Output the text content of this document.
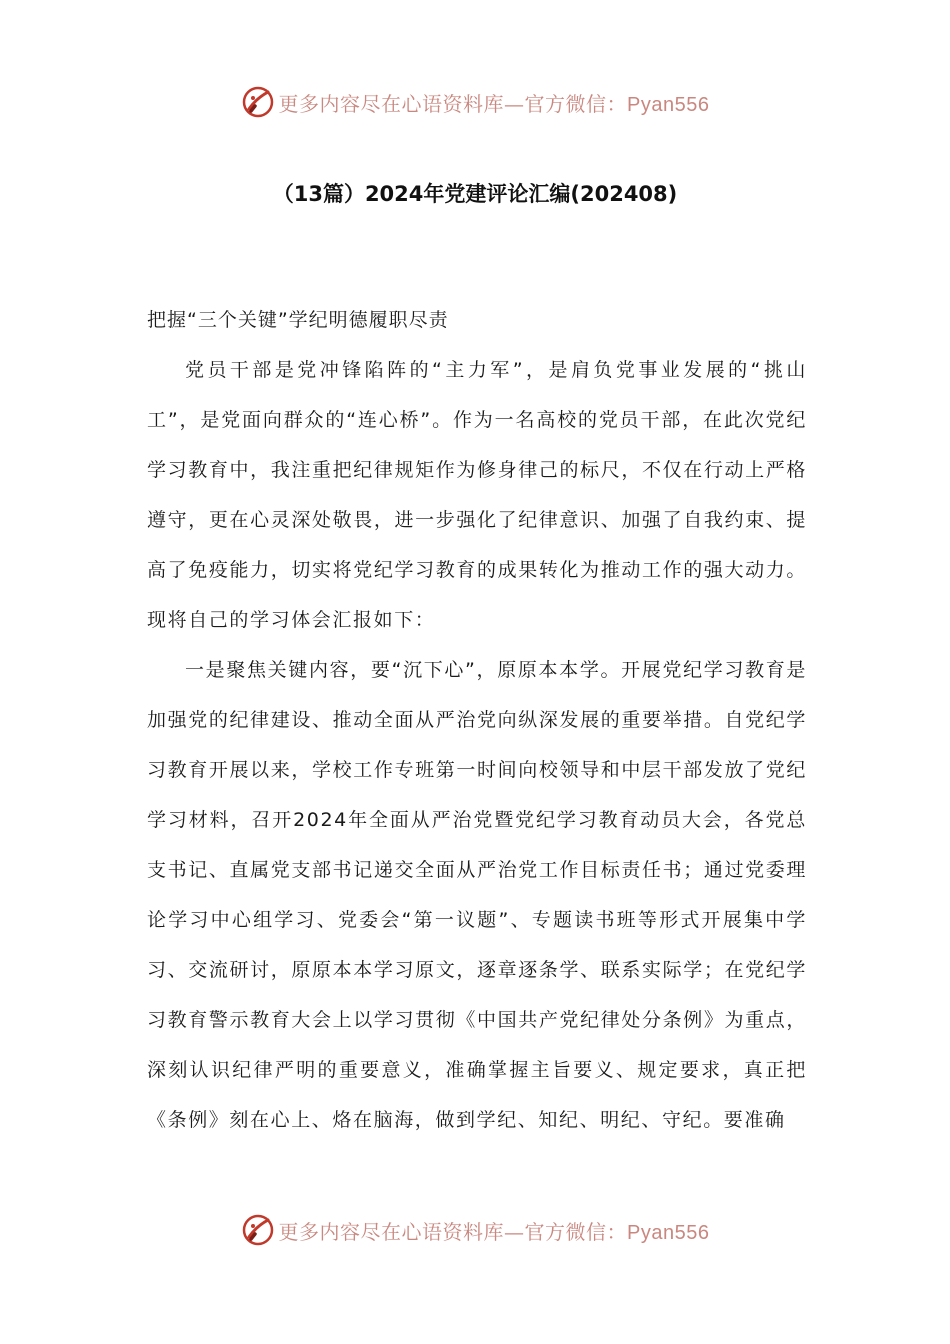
更多内容尽在心语资料库—官方微信：Pyan556
（13篇）2024年党建评论汇编(202408)

把握“三个关键”学纪明德履职尽责

党员干部是党冲锋陷阵的“主力军”，是肩负党事业发展的“挑山工”，是党面向群众的“连心桥”。作为一名高校的党员干部，在此次党纪学习教育中，我注重把纪律规矩作为修身律己的标尺，不仅在行动上严格遵守，更在心灵深处敬畏，进一步强化了纪律意识、加强了自我约束、提高了免疫能力，切实将党纪学习教育的成果转化为推动工作的强大动力。现将自己的学习体会汇报如下：

一是聚焦关键内容，要“沉下心”，原原本本学。开展党纪学习教育是加强党的纪律建设、推动全面从严治党向纵深发展的重要举措。自党纪学习教育开展以来，学校工作专班第一时间向校领导和中层干部发放了党纪学习材料，召开2024年全面从严治党暨党纪学习教育动员大会，各党总支书记、直属党支部书记递交全面从严治党工作目标责任书；通过党委理论学习中心组学习、党委会“第一议题”、专题读书班等形式开展集中学习、交流研讨，原原本本学习原文，逐章逐条学、联系实际学；在党纪学习教育警示教育大会上以学习贯彻《中国共产党纪律处分条例》为重点，深刻认识纪律严明的重要意义，准确掌握主旨要义、规定要求，真正把《条例》刻在心上、烙在脑海，做到学纪、知纪、明纪、守纪。要准确

更多内容尽在心语资料库—官方微信：Pyan556
